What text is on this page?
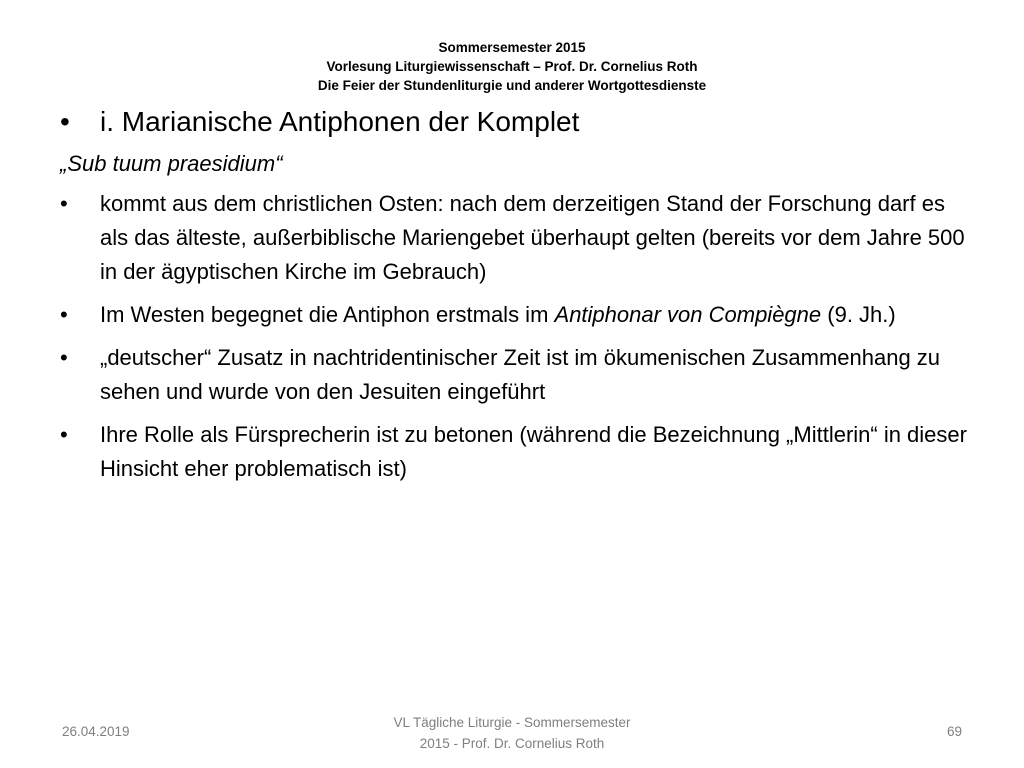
Sommersemester 2015
Vorlesung Liturgiewissenschaft – Prof. Dr. Cornelius Roth
Die Feier der Stundenliturgie und anderer Wortgottesdienste
•	i. Marianische Antiphonen der Komplet
„Sub tuum praesidium“
•	kommt aus dem christlichen Osten: nach dem derzeitigen Stand der Forschung darf es als das älteste, außerbiblische Mariengebet überhaupt gelten (bereits vor dem Jahre 500 in der ägyptischen Kirche im Gebrauch)
•	Im Westen begegnet die Antiphon erstmals im Antiphonar von Compiègne (9. Jh.)
•	„deutscher“ Zusatz in nachtridentinischer Zeit ist im ökumenischen Zusammenhang zu sehen und wurde von den Jesuiten eingeführt
•	Ihre Rolle als Fürsprecherin ist zu betonen (während die Bezeichnung „Mittlerin“ in dieser Hinsicht eher problematisch ist)
26.04.2019
VL Tägliche Liturgie - Sommersemester
2015 - Prof. Dr. Cornelius Roth
69
